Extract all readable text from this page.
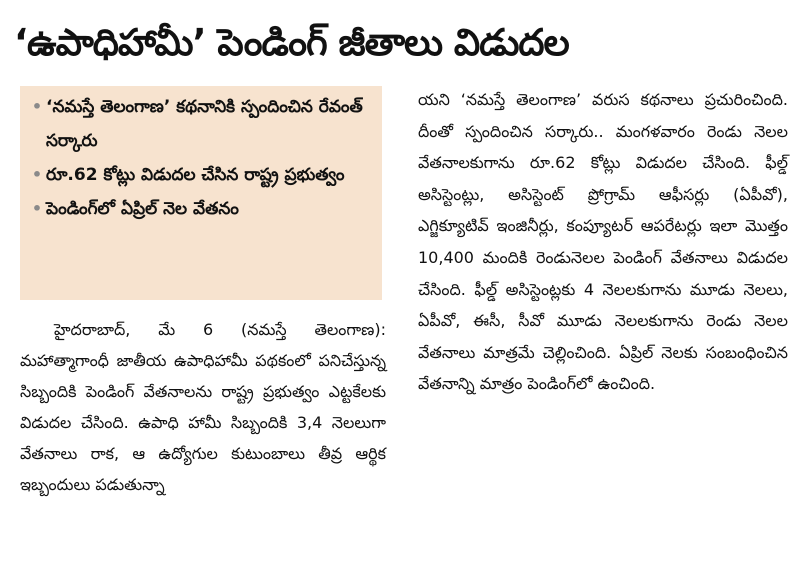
‘ఉపాధిహామీ’ పెండింగ్ జీతాలు విడుదల
• ‘నమస్తే తెలంగాణ’ కథనానికి స్పందించిన రేవంత్ సర్కారు
• రూ.62 కోట్లు విడుదల చేసిన రాష్ట్ర ప్రభుత్వం
• పెండింగ్‌లో ఏప్రిల్ నెల వేతనం

హైదరాబాద్, మే 6 (నమస్తే తెలంగాణ): మహాత్మాగాంధీ జాతీయ ఉపాధిహామీ పథకంలో పనిచేస్తున్న సిబ్బందికి పెండింగ్ వేతనాలను రాష్ట్ర ప్రభుత్వం ఎట్టకేలకు విడుదల చేసింది. ఉపాధి హామీ సిబ్బందికి 3,4 నెలలుగా వేతనాలు రాక, ఆ ఉద్యోగుల కుటుంబాలు తీవ్ర ఆర్థిక ఇబ్బందులు పడుతున్నా

యని ‘నమస్తే తెలంగాణ’ వరుస కథనాలు ప్రచురించింది. దీంతో స్పందించిన సర్కారు.. మంగళవారం రెండు నెలల వేతనాలకుగాను రూ.62 కోట్లు విడుదల చేసింది. ఫీల్డ్ అసిస్టెంట్లు, అసిస్టెంట్ ప్రోగ్రామ్ ఆఫీసర్లు (ఏపీవో), ఎగ్జిక్యూటివ్ ఇంజినీర్లు, కంప్యూటర్ ఆపరేటర్లు ఇలా మొత్తం 10,400 మందికి రెండునెలల పెండింగ్ వేతనాలు విడుదల చేసింది. ఫీల్డ్ అసిస్టెంట్లకు 4 నెలలకుగాను మూడు నెలలు, ఏపీవో, ఈసీ, సీవో మూడు నెలలకుగాను రెండు నెలల వేతనాలు మాత్రమే చెల్లించింది. ఏప్రిల్ నెలకు సంబంధించిన వేతనాన్ని మాత్రం పెండింగ్‌లో ఉంచింది.
